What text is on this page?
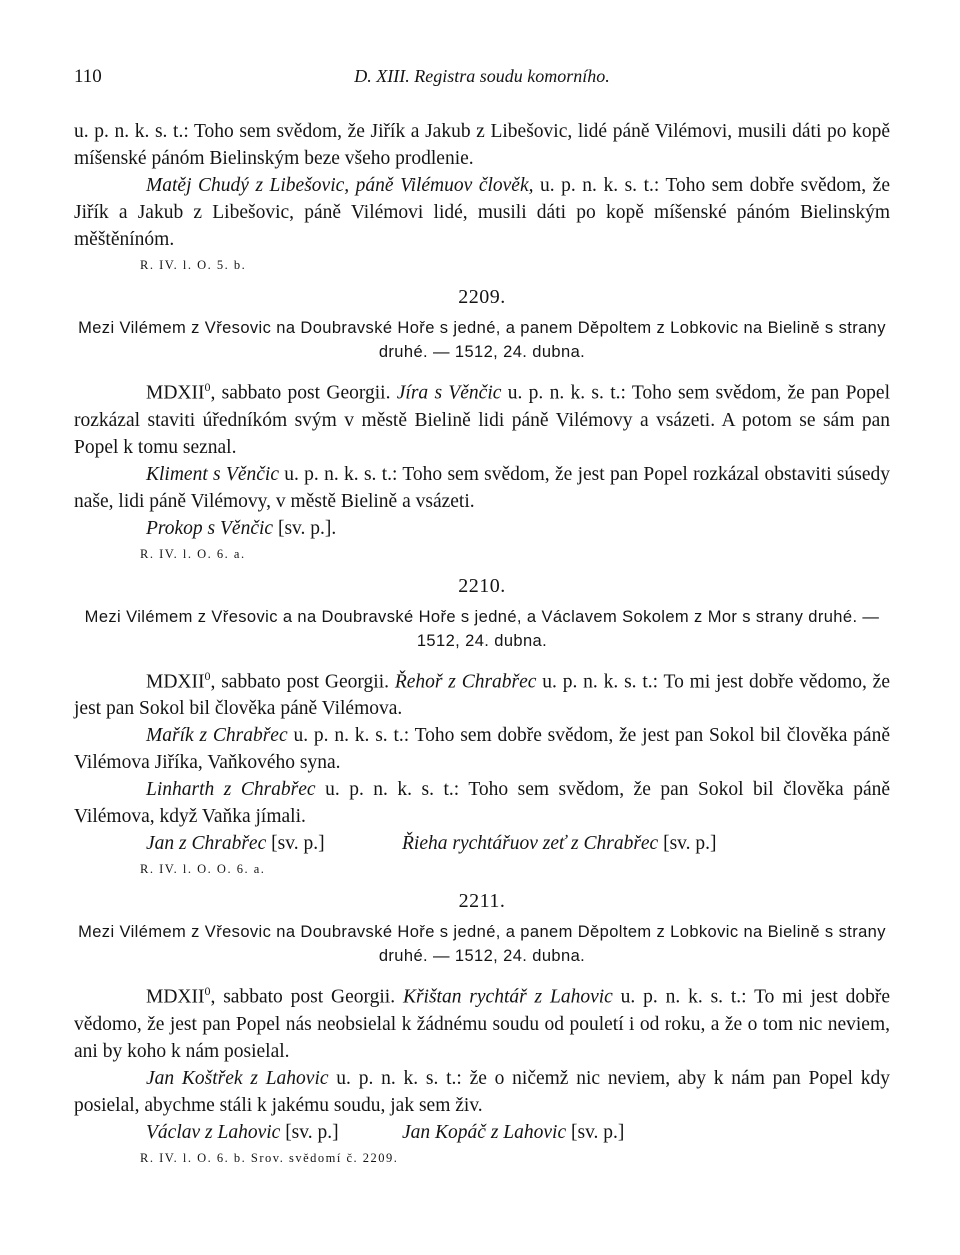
110	D. XIII. Registra soudu komorního.

u. p. n. k. s. t.: Toho sem svědom, že Jiřík a Jakub z Libešovic, lidé páně Vilémovi, musili dáti po kopě míšenské pánóm Bielinským beze všeho prodlenie.

Matěj Chudý z Libešovic, páně Vilémuov člověk, u. p. n. k. s. t.: Toho sem dobře svědom, že Jiřík a Jakub z Libešovic, páně Vilémovi lidé, musili dáti po kopě míšenské pánóm Bielinským měštěnínóm.

R. IV. l. O. 5. b.
2209.
Mezi Vilémem z Vřesovic na Doubravské Hoře s jedné, a panem Děpoltem z Lobkovic na Bielině s strany druhé. — 1512, 24. dubna.

MDXII$^0$, sabbato post Georgii. Jíra s Věnčic u. p. n. k. s. t.: Toho sem svědom, že pan Popel rozkázal staviti úředníkóm svým v městě Bielině lidi páně Vilémovy a vsázeti. A potom se sám pan Popel k tomu seznal.

Kliment s Věnčic u. p. n. k. s. t.: Toho sem svědom, že jest pan Popel rozkázal obstaviti súsedy naše, lidi páně Vilémovy, v městě Bielině a vsázeti.

Prokop s Věnčic [sv. p.].

R. IV. l. O. 6. a.
2210.
Mezi Vilémem z Vřesovic a na Doubravské Hoře s jedné, a Václavem Sokolem z Mor s strany druhé. — 1512, 24. dubna.

MDXII$^0$, sabbato post Georgii. Řehoř z Chrabřec u. p. n. k. s. t.: To mi jest dobře vědomo, že jest pan Sokol bil člověka páně Vilémova.

Mařík z Chrabřec u. p. n. k. s. t.: Toho sem dobře svědom, že jest pan Sokol bil člověka páně Vilémova Jiříka, Vaňkového syna.

Linharth z Chrabřec u. p. n. k. s. t.: Toho sem svědom, že pan Sokol bil člověka páně Vilémova, když Vaňka jímali.

Jan z Chrabřec [sv. p.]	Řieha rychtářuov zeť z Chrabřec [sv. p.]
R. IV. l. O. O. 6. a.
2211.
Mezi Vilémem z Vřesovic na Doubravské Hoře s jedné, a panem Děpoltem z Lobkovic na Bielině s strany druhé. — 1512, 24. dubna.

MDXII$^0$, sabbato post Georgii. Křištan rychtář z Lahovic u. p. n. k. s. t.: To mi jest dobře vědomo, že jest pan Popel nás neobsielal k žádnému soudu od pouletí i od roku, a že o tom nic neviem, ani by koho k nám posielal.

Jan Koštřek z Lahovic u. p. n. k. s. t.: že o ničemž nic neviem, aby k nám pan Popel kdy posielal, abychme stáli k jakému soudu, jak sem živ.

Václav z Lahovic [sv. p.]	Jan Kopáč z Lahovic [sv. p.]
R. IV. l. O. 6. b. Srov. svědomí č. 2209.
